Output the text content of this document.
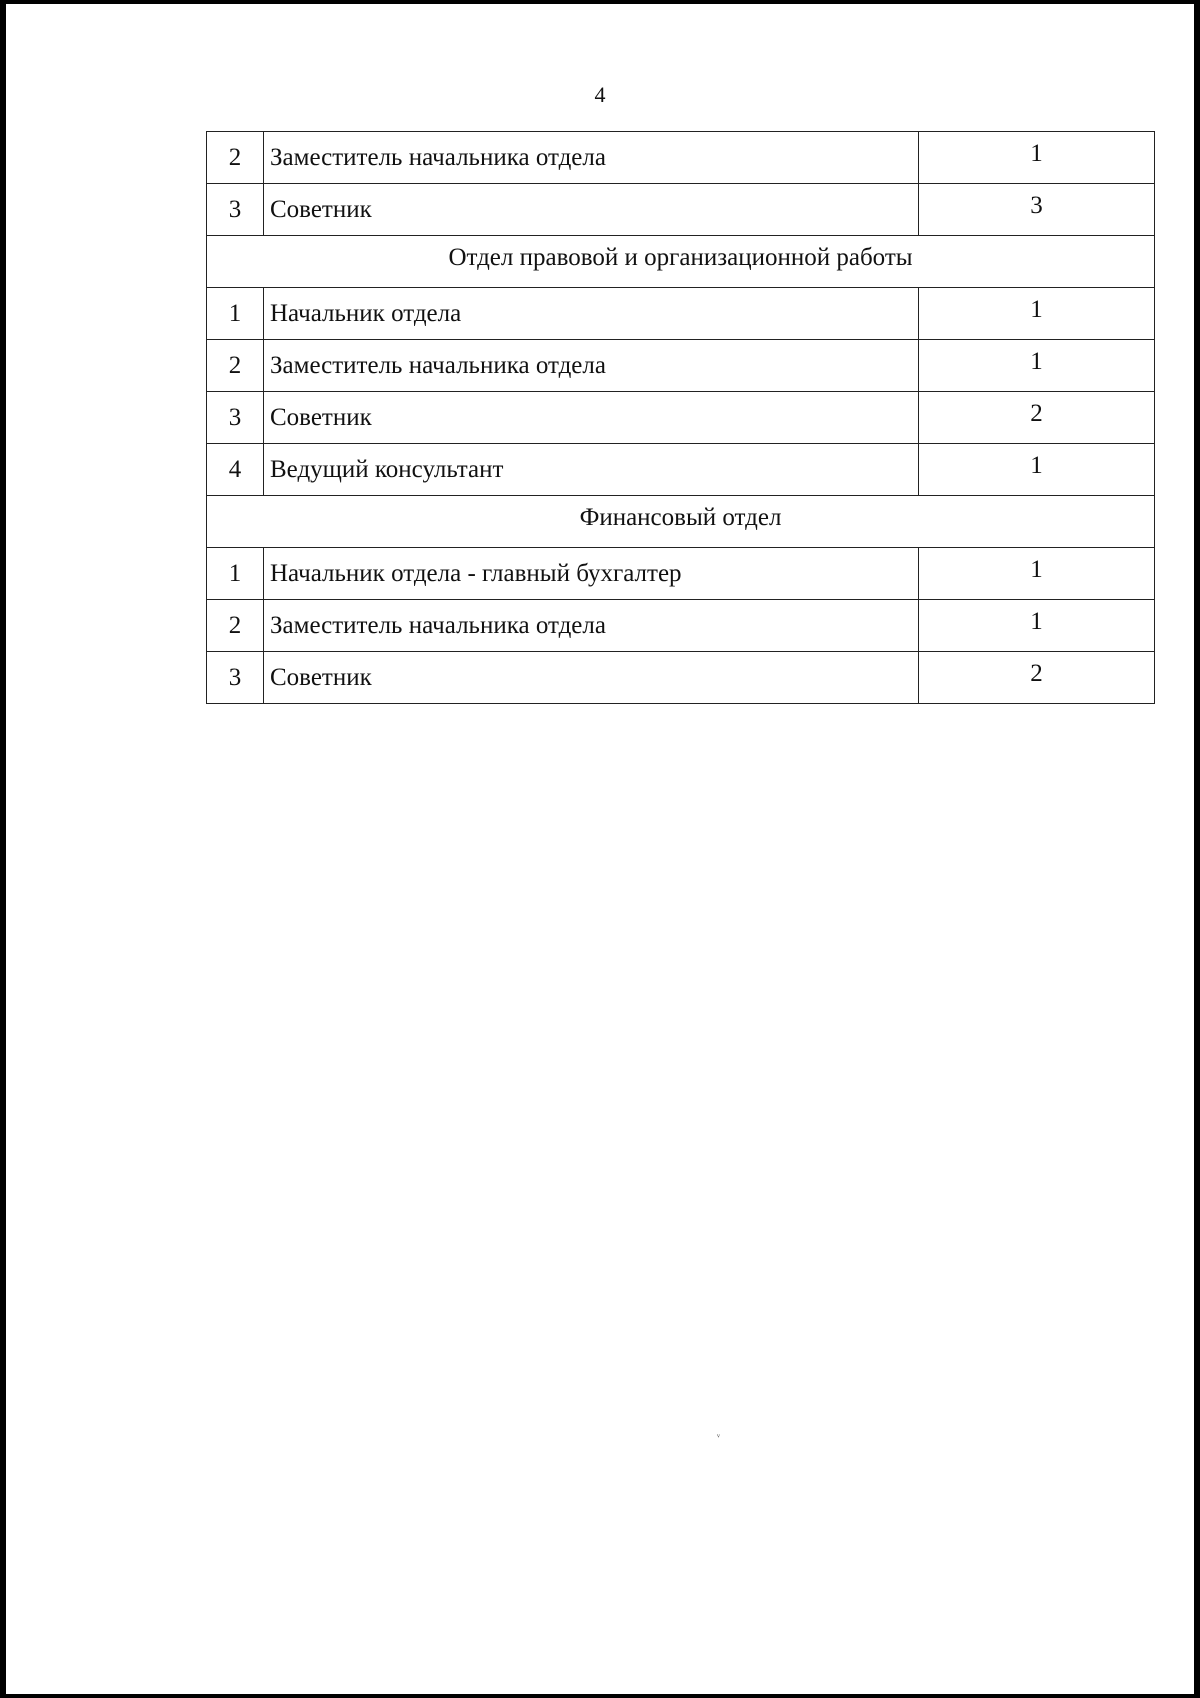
4
2	Заместитель начальника отдела	1
3	Советник	3
Отдел правовой и организационной работы		
1	Начальник отдела	1
2	Заместитель начальника отдела	1
3	Советник	2
4	Ведущий консультант	1
Финансовый отдел		
1	Начальник отдела - главный бухгалтер	1
2	Заместитель начальника отдела	1
3	Советник	2
ᵛ
